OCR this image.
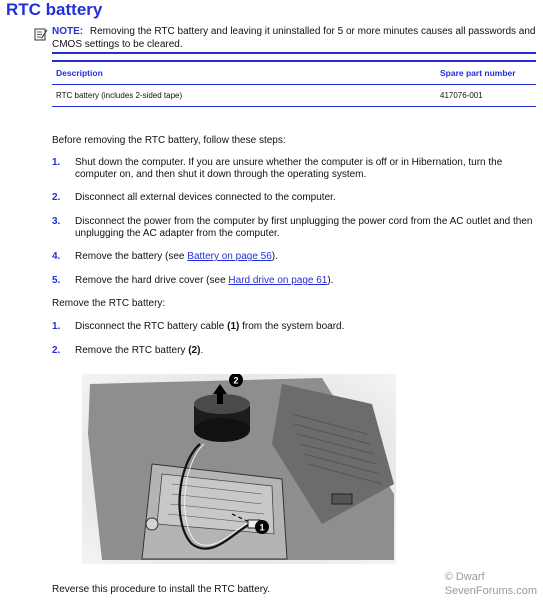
RTC battery
NOTE: Removing the RTC battery and leaving it uninstalled for 5 or more minutes causes all passwords and CMOS settings to be cleared.
Description	Spare part number
RTC battery (includes 2-sided tape)	417076-001
Before removing the RTC battery, follow these steps:
1. Shut down the computer. If you are unsure whether the computer is off or in Hibernation, turn the computer on, and then shut it down through the operating system.
2. Disconnect all external devices connected to the computer.
3. Disconnect the power from the computer by first unplugging the power cord from the AC outlet and then unplugging the AC adapter from the computer.
4. Remove the battery (see Battery on page 56).
5. Remove the hard drive cover (see Hard drive on page 61).
Remove the RTC battery:
1. Disconnect the RTC battery cable (1) from the system board.
2. Remove the RTC battery (2).
2
1
Reverse this procedure to install the RTC battery.
© Dwarf
SevenForums.com
